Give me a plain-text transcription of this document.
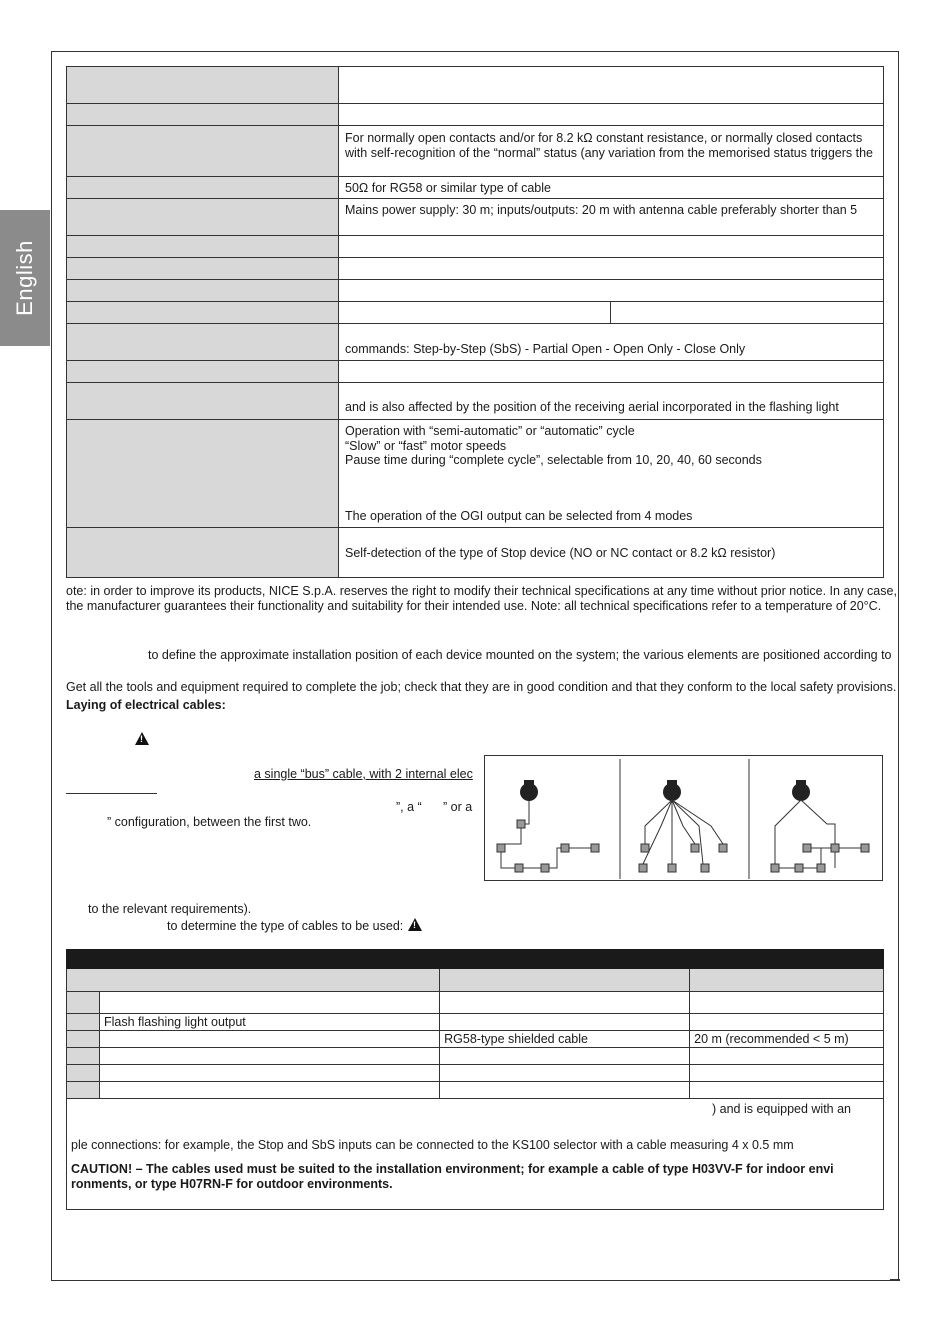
English

	For normally open contacts and/or for 8.2 kΩ constant resistance, or normally closed contacts
with self-recognition of the “normal” status (any variation from the memorised status triggers the

	50Ω for RG58 or similar type of cable

	Mains power supply: 30 m; inputs/outputs: 20 m with antenna cable preferably shorter than 5

	commands: Step-by-Step (SbS) - Partial Open - Open Only - Close Only

	and is also affected by the position of the receiving aerial incorporated in the flashing light

	Operation with “semi-automatic” or “automatic” cycle
“Slow” or “fast” motor speeds
Pause time during “complete cycle”, selectable from 10, 20, 40, 60 seconds
The operation of the OGI output can be selected from 4 modes

	Self-detection of the type of Stop device (NO or NC contact or 8.2 kΩ resistor)

ote: in order to improve its products, NICE S.p.A. reserves the right to modify their technical specifications at any time without prior notice. In any case,

the manufacturer guarantees their functionality and suitability for their intended use. Note: all technical specifications refer to a temperature of 20°C.

to define the approximate installation position of each device mounted on the system; the various elements are positioned according to

Get all the tools and equipment required to complete the job; check that they are in good condition and that they conform to the local safety provisions.

Laying of electrical cables:

!

a single “bus” cable, with 2 internal elec

”, a “ ” or a

” configuration, between the first two.

to the relevant requirements).

to determine the type of cables to be used:

!

	Flash flashing light output		
		RG58-type shielded cable	20 m (recommended < 5 m)

) and is equipped with an
ple connections: for example, the Stop and SbS inputs can be connected to the KS100 selector with a cable measuring 4 x 0.5 mm
CAUTION! – The cables used must be suited to the installation environment; for example a cable of type H03VV-F for indoor envi
ronments, or type H07RN-F for outdoor environments.			
